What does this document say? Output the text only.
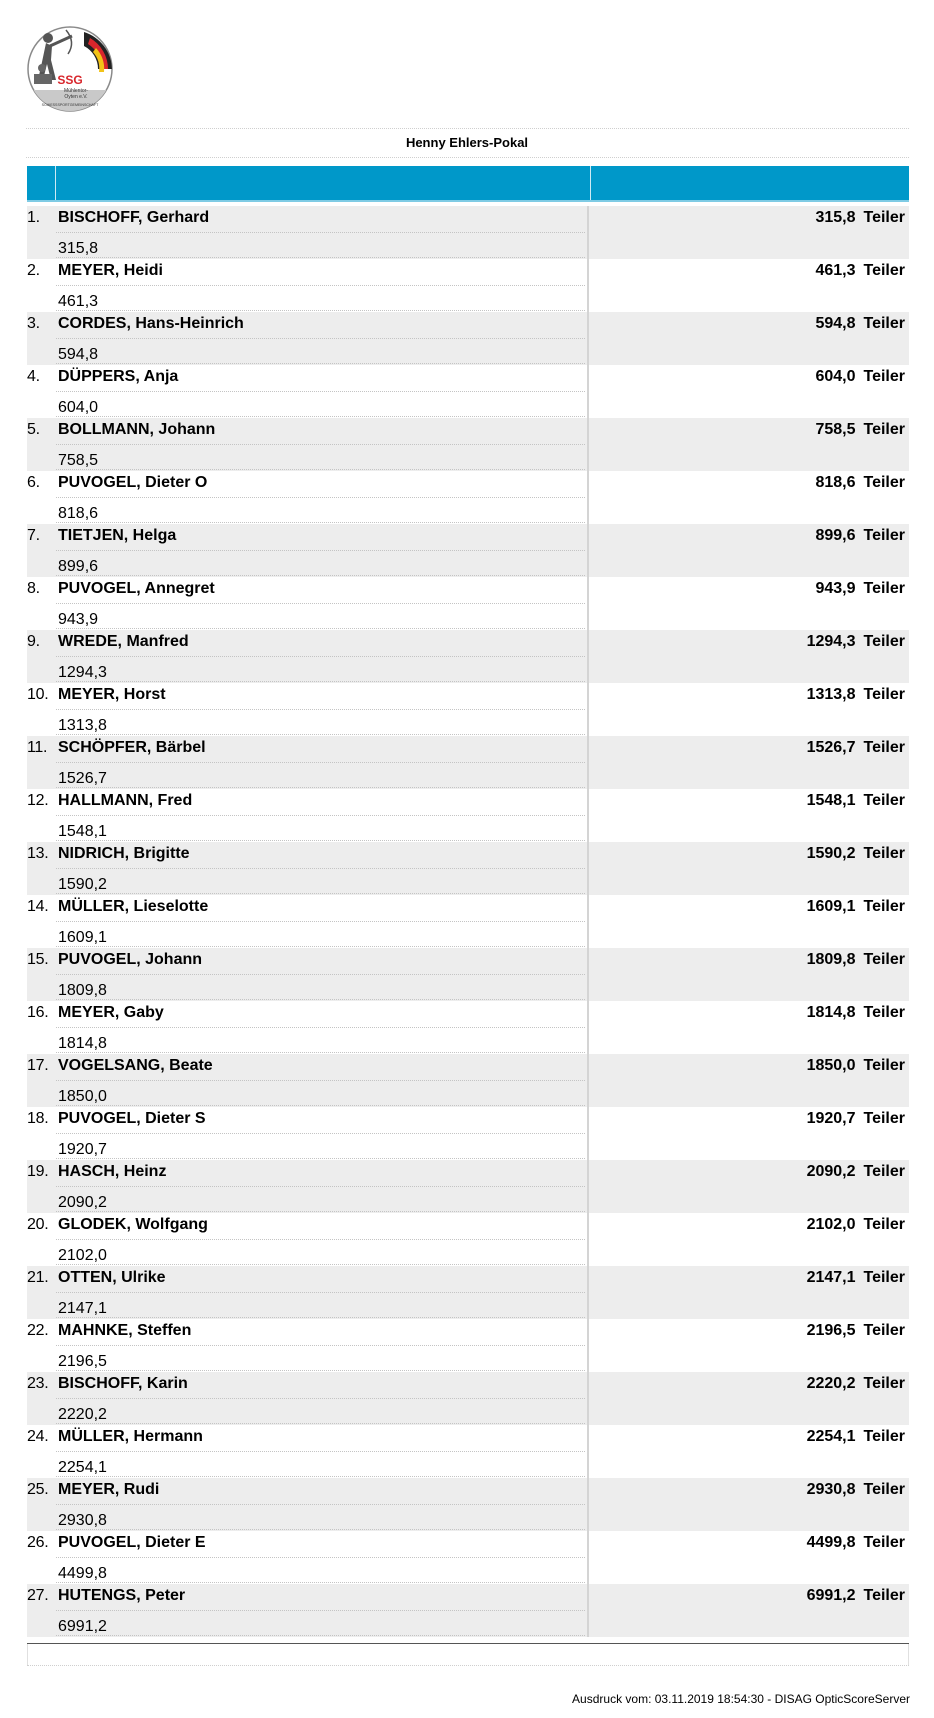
SSG
Mühlentor-
Oyten e.V.
SCHIESSSPORTGEMEINSCHAFT
Henny Ehlers-Pokal
1.	BISCHOFF, Gerhard
315,8
315,8 Teiler
2.	MEYER, Heidi
461,3
461,3 Teiler
3.	CORDES, Hans-Heinrich
594,8
594,8 Teiler
4.	DÜPPERS, Anja
604,0
604,0 Teiler
5.	BOLLMANN, Johann
758,5
758,5 Teiler
6.	PUVOGEL, Dieter O
818,6
818,6 Teiler
7.	TIETJEN, Helga
899,6
899,6 Teiler
8.	PUVOGEL, Annegret
943,9
943,9 Teiler
9.	WREDE, Manfred
1294,3
1294,3 Teiler
10. MEYER, Horst
1313,8
1313,8 Teiler
11. SCHÖPFER, Bärbel
1526,7
1526,7 Teiler
12. HALLMANN, Fred
1548,1
1548,1 Teiler
13. NIDRICH, Brigitte
1590,2
1590,2 Teiler
14. MÜLLER, Lieselotte
1609,1
1609,1 Teiler
15. PUVOGEL, Johann
1809,8
1809,8 Teiler
16. MEYER, Gaby
1814,8
1814,8 Teiler
17. VOGELSANG, Beate
1850,0
1850,0 Teiler
18. PUVOGEL, Dieter S
1920,7
1920,7 Teiler
19. HASCH, Heinz
2090,2
2090,2 Teiler
20. GLODEK, Wolfgang
2102,0
2102,0 Teiler
21. OTTEN, Ulrike
2147,1
2147,1 Teiler
22. MAHNKE, Steffen
2196,5
2196,5 Teiler
23. BISCHOFF, Karin
2220,2
2220,2 Teiler
24. MÜLLER, Hermann
2254,1
2254,1 Teiler
25. MEYER, Rudi
2930,8
2930,8 Teiler
26. PUVOGEL, Dieter E
4499,8
4499,8 Teiler
27. HUTENGS, Peter
6991,2
6991,2 Teiler
Ausdruck vom: 03.11.2019 18:54:30 - DISAG OpticScoreServer
